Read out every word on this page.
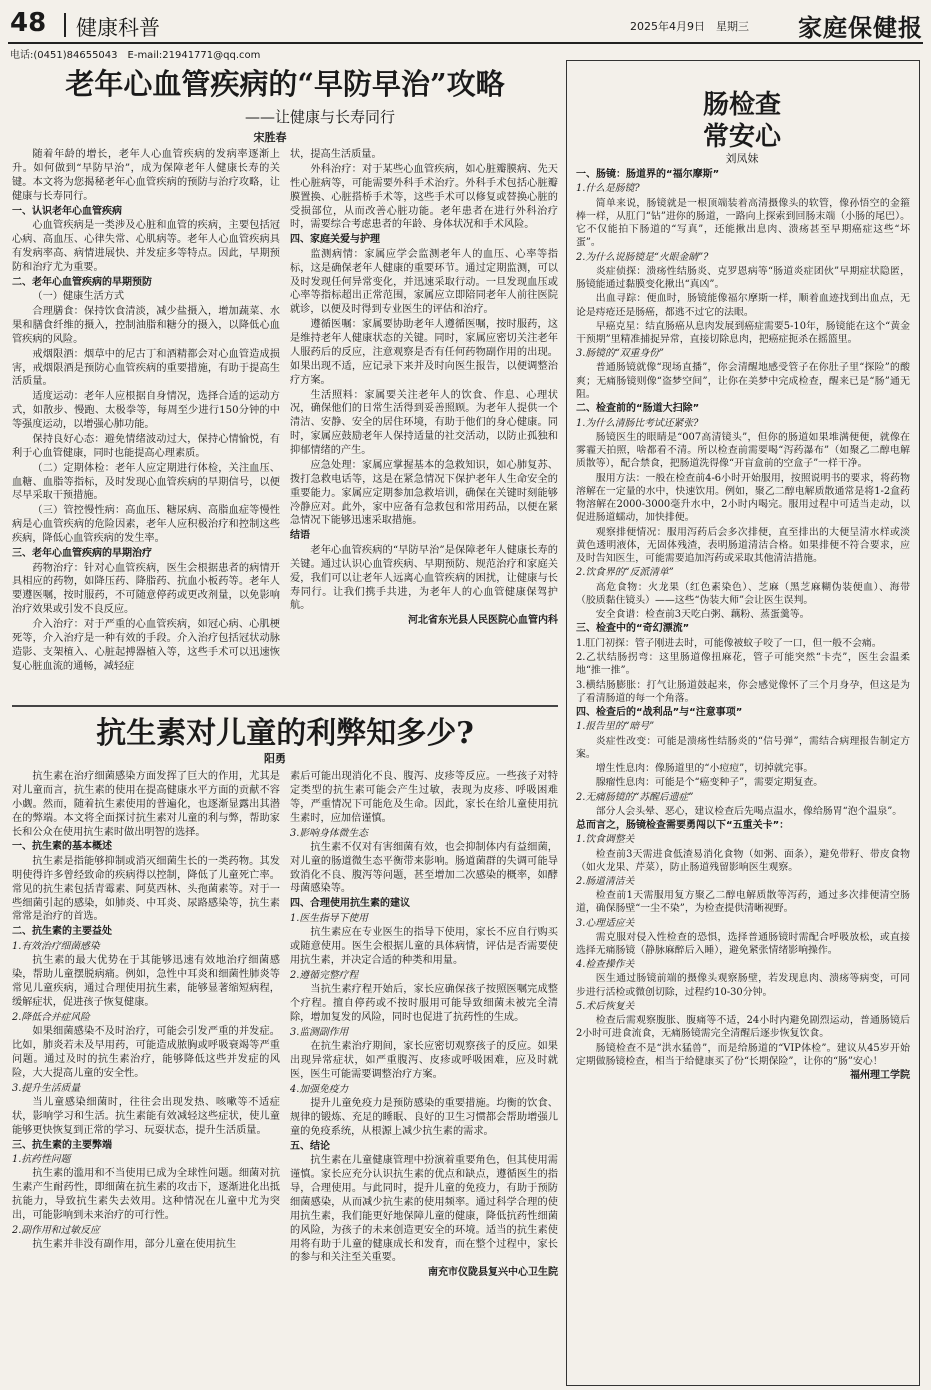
48 健康科普	2025年4月9日　星期三 家庭保健报
电话:(0451)84655043　E-mail:21941771@qq.com
老年心血管疾病的“早防早治”攻略
——让健康与长寿同行
宋胜春

随着年龄的增长，老年人心血管疾病的发病率逐渐上升。如何做到“早防早治”，成为保障老年人健康长寿的关键。本文将为您揭秘老年心血管疾病的预防与治疗攻略，让健康与长寿同行。

一、认识老年心血管疾病

心血管疾病是一类涉及心脏和血管的疾病，主要包括冠心病、高血压、心律失常、心肌病等。老年人心血管疾病具有发病率高、病情进展快、并发症多等特点。因此，早期预防和治疗尤为重要。

二、老年心血管疾病的早期预防

（一）健康生活方式

合理膳食：保持饮食清淡，减少盐摄入，增加蔬菜、水果和膳食纤维的摄入，控制油脂和糖分的摄入，以降低心血管疾病的风险。

戒烟限酒：烟草中的尼古丁和酒精都会对心血管造成损害，戒烟限酒是预防心血管疾病的重要措施，有助于提高生活质量。

适度运动：老年人应根据自身情况，选择合适的运动方式，如散步、慢跑、太极拳等，每周至少进行150分钟的中等强度运动，以增强心肺功能。

保持良好心态：避免情绪波动过大，保持心情愉悦，有利于心血管健康，同时也能提高心理素质。

（二）定期体检：老年人应定期进行体检，关注血压、血糖、血脂等指标，及时发现心血管疾病的早期信号，以便尽早采取干预措施。

（三）管控慢性病：高血压、糖尿病、高脂血症等慢性病是心血管疾病的危险因素，老年人应积极治疗和控制这些疾病，降低心血管疾病的发生率。

三、老年心血管疾病的早期治疗

药物治疗：针对心血管疾病，医生会根据患者的病情开具相应的药物，如降压药、降脂药、抗血小板药等。老年人要遵医嘱，按时服药，不可随意停药或更改剂量，以免影响治疗效果或引发不良反应。

介入治疗：对于严重的心血管疾病，如冠心病、心肌梗死等，介入治疗是一种有效的手段。介入治疗包括冠状动脉造影、支架植入、心脏起搏器植入等，这些手术可以迅速恢复心脏血流的通畅，减轻症

状，提高生活质量。

外科治疗：对于某些心血管疾病，如心脏瓣膜病、先天性心脏病等，可能需要外科手术治疗。外科手术包括心脏瓣膜置换、心脏搭桥手术等，这些手术可以修复或替换心脏的受损部位，从而改善心脏功能。老年患者在进行外科治疗时，需要综合考虑患者的年龄、身体状况和手术风险。

四、家庭关爱与护理

监测病情：家属应学会监测老年人的血压、心率等指标，这是确保老年人健康的重要环节。通过定期监测，可以及时发现任何异常变化，并迅速采取行动。一旦发现血压或心率等指标超出正常范围，家属应立即陪同老年人前往医院就诊，以便及时得到专业医生的评估和治疗。

遵循医嘱：家属要协助老年人遵循医嘱，按时服药，这是维持老年人健康状态的关键。同时，家属应密切关注老年人服药后的反应，注意观察是否有任何药物副作用的出现。如果出现不适，应记录下来并及时向医生报告，以便调整治疗方案。

生活照料：家属要关注老年人的饮食、作息、心理状况，确保他们的日常生活得到妥善照顾。为老年人提供一个清洁、安静、安全的居住环境，有助于他们的身心健康。同时，家属应鼓励老年人保持适量的社交活动，以防止孤独和抑郁情绪的产生。

应急处理：家属应掌握基本的急救知识，如心肺复苏、拨打急救电话等，这是在紧急情况下保护老年人生命安全的重要能力。家属应定期参加急救培训，确保在关键时刻能够冷静应对。此外，家中应备有急救包和常用药品，以便在紧急情况下能够迅速采取措施。

结语

老年心血管疾病的“早防早治”是保障老年人健康长寿的关键。通过认识心血管疾病、早期预防、规范治疗和家庭关爱，我们可以让老年人远离心血管疾病的困扰，让健康与长寿同行。让我们携手共进，为老年人的心血管健康保驾护航。

河北省东光县人民医院心血管内科

抗生素对儿童的利弊知多少?
阳勇

抗生素在治疗细菌感染方面发挥了巨大的作用，尤其是对儿童而言，抗生素的使用在提高健康水平方面的贡献不容小觑。然而，随着抗生素使用的普遍化，也逐渐显露出其潜在的弊端。本文将全面探讨抗生素对儿童的利与弊，帮助家长和公众在使用抗生素时做出明智的选择。

一、抗生素的基本概述

抗生素是指能够抑制或消灭细菌生长的一类药物。其发明使得许多曾经致命的疾病得以控制，降低了儿童死亡率。常见的抗生素包括青霉素、阿莫西林、头孢菌素等。对于一些细菌引起的感染，如肺炎、中耳炎、尿路感染等，抗生素常常是治疗的首选。

二、抗生素的主要益处

1.有效治疗细菌感染

抗生素的最大优势在于其能够迅速有效地治疗细菌感染，帮助儿童摆脱病痛。例如，急性中耳炎和细菌性肺炎等常见儿童疾病，通过合理使用抗生素，能够显著缩短病程，缓解症状，促进孩子恢复健康。

2.降低合并症风险

如果细菌感染不及时治疗，可能会引发严重的并发症。比如，肺炎若未及早用药，可能造成脓胸或呼吸衰竭等严重问题。通过及时的抗生素治疗，能够降低这些并发症的风险，大大提高儿童的安全性。

3.提升生活质量

当儿童感染细菌时，往往会出现发热、咳嗽等不适症状，影响学习和生活。抗生素能有效减轻这些症状，使儿童能够更快恢复到正常的学习、玩耍状态，提升生活质量。

三、抗生素的主要弊端

1.抗药性问题

抗生素的滥用和不当使用已成为全球性问题。细菌对抗生素产生耐药性，即细菌在抗生素的攻击下，逐渐进化出抵抗能力，导致抗生素失去效用。这种情况在儿童中尤为突出，可能影响到未来治疗的可行性。

2.副作用和过敏反应

抗生素并非没有副作用，部分儿童在使用抗生

素后可能出现消化不良、腹泻、皮疹等反应。一些孩子对特定类型的抗生素可能会产生过敏，表现为皮疹、呼吸困难等，严重情况下可能危及生命。因此，家长在给儿童使用抗生素时，应加倍谨慎。

3.影响身体微生态

抗生素不仅对有害细菌有效，也会抑制体内有益细菌，对儿童的肠道微生态平衡带来影响。肠道菌群的失调可能导致消化不良、腹泻等问题，甚至增加二次感染的概率，如酵母菌感染等。

四、合理使用抗生素的建议

1.医生指导下使用

抗生素应在专业医生的指导下使用，家长不应自行购买或随意使用。医生会根据儿童的具体病情，评估是否需要使用抗生素，并决定合适的种类和用量。

2.遵循完整疗程

当抗生素疗程开始后，家长应确保孩子按照医嘱完成整个疗程。擅自停药或不按时服用可能导致细菌未被完全清除，增加复发的风险，同时也促进了抗药性的生成。

3.监测副作用

在抗生素治疗期间，家长应密切观察孩子的反应。如果出现异常症状，如严重腹泻、皮疹或呼吸困难，应及时就医，医生可能需要调整治疗方案。

4.加强免疫力

提升儿童免疫力是预防感染的重要措施。均衡的饮食、规律的锻炼、充足的睡眠、良好的卫生习惯都会帮助增强儿童的免疫系统，从根源上减少抗生素的需求。

五、结论

抗生素在儿童健康管理中扮演着重要角色，但其使用需谨慎。家长应充分认识抗生素的优点和缺点，遵循医生的指导，合理使用。与此同时，提升儿童的免疫力，有助于预防细菌感染，从而减少抗生素的使用频率。通过科学合理的使用抗生素，我们能更好地保障儿童的健康，降低抗药性细菌的风险，为孩子的未来创造更安全的环境。适当的抗生素使用将有助于儿童的健康成长和发育，而在整个过程中，家长的参与和关注至关重要。

南充市仪陇县复兴中心卫生院

肠检查
常安心
刘凤妹

一、肠镜：肠道界的“福尔摩斯”

1.什么是肠镜?

简单来说，肠镜就是一根顶端装着高清摄像头的软管，像孙悟空的金箍棒一样，从肛门“钻”进你的肠道，一路向上探索到回肠末端（小肠的尾巴）。它不仅能拍下肠道的“写真”，还能揪出息肉、溃疡甚至早期癌症这些“坏蛋”。

2.为什么说肠镜是“火眼金睛”?

炎症侦探：溃疡性结肠炎、克罗恩病等“肠道炎症团伙”早期症状隐匿，肠镜能通过黏膜变化揪出“真凶”。

出血寻踪：便血时，肠镜能像福尔摩斯一样，顺着血迹找到出血点，无论是痔疮还是肠癌，都逃不过它的法眼。

早癌克星：结直肠癌从息肉发展到癌症需要5-10年，肠镜能在这个“黄金干预期”里精准捕捉异常，直接切除息肉，把癌症扼杀在摇篮里。

3.肠镜的“双重身份”

普通肠镜就像“现场直播”，你会清醒地感受管子在你肚子里“探险”的酸爽；无痛肠镜则像“盗梦空间”，让你在美梦中完成检查，醒来已是“肠”通无阻。

二、检查前的“肠道大扫除”

1.为什么清肠比考试还紧张?

肠镜医生的眼睛是“007高清镜头”，但你的肠道如果堆满便便，就像在雾霾天拍照，啥都看不清。所以检查前需要喝“泻药瀑布”（如聚乙二醇电解质散等），配合禁食，把肠道洗得像“开盲盒前的空盒子”一样干净。

服用方法：一般在检查前4-6小时开始服用，按照说明书的要求，将药物溶解在一定量的水中，快速饮用。例如，聚乙二醇电解质散通常是将1-2盒药物溶解在2000-3000毫升水中，2小时内喝完。服用过程中可适当走动，以促进肠道蠕动，加快排便。

观察排便情况：服用泻药后会多次排便，直至排出的大便呈清水样或淡黄色透明液体，无固体残渣，表明肠道清洁合格。如果排便不符合要求，应及时告知医生，可能需要追加泻药或采取其他清洁措施。

2.饮食界的“反派清单”

高危食物：火龙果（红色素染色）、芝麻（黑芝麻糊伪装便血）、海带（胶质黏住镜头）——这些“伪装大师”会让医生误判。

安全食谱：检查前3天吃白粥、藕粉、蒸蛋羹等。

三、检查中的“奇幻漂流”

1.肛门初探：管子刚进去时，可能像被蚊子咬了一口，但一般不会痛。

2.乙状结肠拐弯：这里肠道像扭麻花，管子可能突然“卡壳”，医生会温柔地“推一推”。

3.横结肠膨胀：打气让肠道鼓起来，你会感觉像怀了三个月身孕，但这是为了看清肠道的每一个角落。

四、检查后的“战利品”与“注意事项”

1.报告里的“暗号”

炎症性改变：可能是溃疡性结肠炎的“信号弹”，需结合病理报告制定方案。

增生性息肉：像肠道里的“小痘痘”，切掉就完事。

腺瘤性息肉：可能是个“癌变种子”，需要定期复查。

2.无痛肠镜的“苏醒后遗症”

部分人会头晕、恶心，建议检查后先喝点温水，像给肠胃“泡个温泉”。

总而言之，肠镜检查需要勇闯以下“五重关卡”：

1.饮食调整关

检查前3天需进食低渣易消化食物（如粥、面条），避免带籽、带皮食物（如火龙果、芹菜），防止肠道残留影响医生观察。

2.肠道清洁关

检查前1天需服用复方聚乙二醇电解质散等泻药，通过多次排便清空肠道，确保肠壁“一尘不染”，为检查提供清晰视野。

3.心理适应关

需克服对侵入性检查的恐惧，选择普通肠镜时需配合呼吸放松，或直接选择无痛肠镜（静脉麻醉后入睡），避免紧张情绪影响操作。

4.检查操作关

医生通过肠镜前端的摄像头观察肠壁，若发现息肉、溃疡等病变，可同步进行活检或微创切除，过程约10-30分钟。

5.术后恢复关

检查后需观察腹胀、腹痛等不适，24小时内避免剧烈运动，普通肠镜后2小时可进食流食，无痛肠镜需完全清醒后逐步恢复饮食。

肠镜检查不是“洪水猛兽”，而是给肠道的“VIP体检”。建议从45岁开始定期做肠镜检查，相当于给健康买了份“长期保险”，让你的“肠”安心！

福州理工学院
